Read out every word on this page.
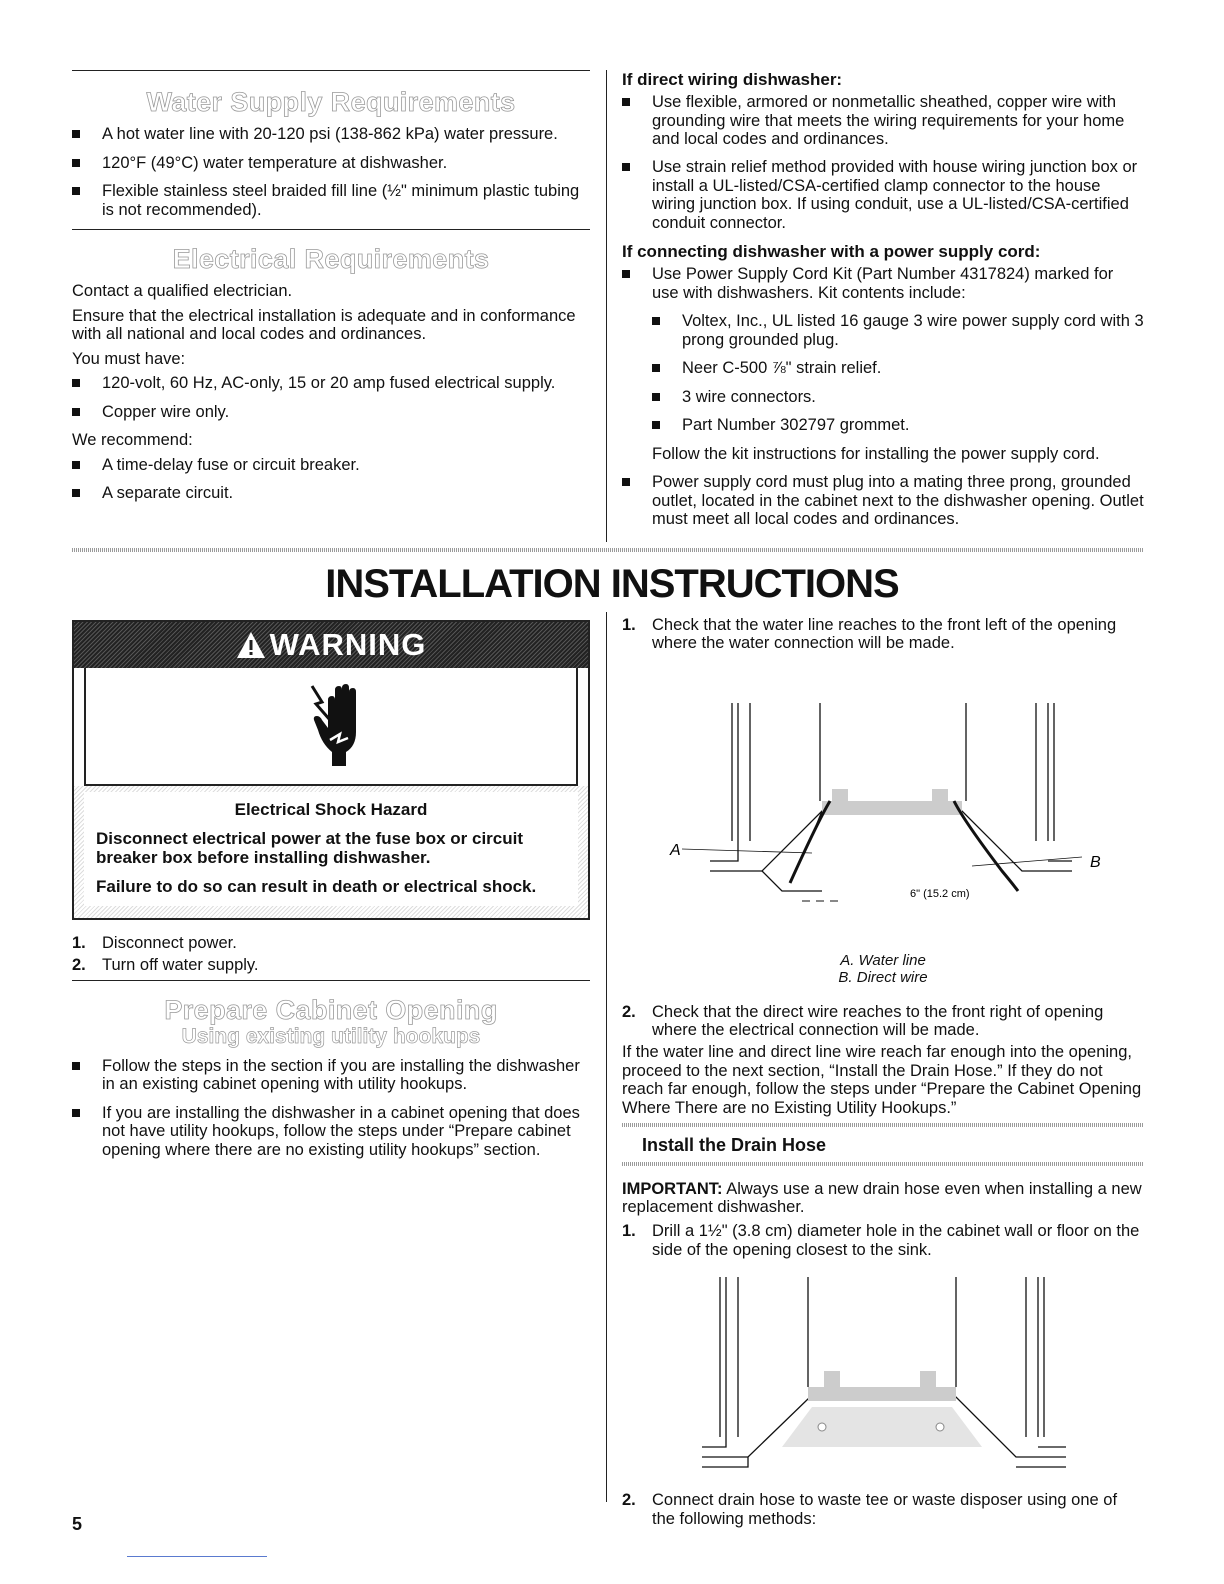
Water Supply Requirements
A hot water line with 20-120 psi (138-862 kPa) water pressure.
120°F (49°C) water temperature at dishwasher.
Flexible stainless steel braided fill line (½" minimum plastic tubing is not recommended).
Electrical Requirements

Contact a qualified electrician.

Ensure that the electrical installation is adequate and in conformance with all national and local codes and ordinances.

You must have:

120-volt, 60 Hz, AC-only, 15 or 20 amp fused electrical supply.
Copper wire only.

We recommend:

A time-delay fuse or circuit breaker.
A separate circuit.
If direct wiring dishwasher:
Use flexible, armored or nonmetallic sheathed, copper wire with grounding wire that meets the wiring requirements for your home and local codes and ordinances.
Use strain relief method provided with house wiring junction box or install a UL-listed/CSA-certified clamp connector to the house wiring junction box. If using conduit, use a UL-listed/CSA-certified conduit connector.
If connecting dishwasher with a power supply cord:
Use Power Supply Cord Kit (Part Number 4317824) marked for use with dishwashers. Kit contents include:
Voltex, Inc., UL listed 16 gauge 3 wire power supply cord with 3 prong grounded plug.
Neer C-500 ⅞" strain relief.
3 wire connectors.
Part Number 302797 grommet.
Follow the kit instructions for installing the power supply cord.
Power supply cord must plug into a mating three prong, grounded outlet, located in the cabinet next to the dishwasher opening. Outlet must meet all local codes and ordinances.
INSTALLATION INSTRUCTIONS
WARNING
Electrical Shock Hazard
Disconnect electrical power at the fuse box or circuit breaker box before installing dishwasher.
Failure to do so can result in death or electrical shock.
1. Disconnect power.
2. Turn off water supply.
Prepare Cabinet Opening
Using existing utility hookups
Follow the steps in the section if you are installing the dishwasher in an existing cabinet opening with utility hookups.
If you are installing the dishwasher in a cabinet opening that does not have utility hookups, follow the steps under “Prepare cabinet opening where there are no existing utility hookups” section.
1. Check that the water line reaches to the front left of the opening where the water connection will be made.
A
B
6" (15.2 cm)
A. Water line
B. Direct wire
2. Check that the direct wire reaches to the front right of opening where the electrical connection will be made.

If the water line and direct line wire reach far enough into the opening, proceed to the next section, “Install the Drain Hose.” If they do not reach far enough, follow the steps under “Prepare the Cabinet Opening Where There are no Existing Utility Hookups.”

Install the Drain Hose

IMPORTANT: Always use a new drain hose even when installing a new replacement dishwasher.

1. Drill a 1½" (3.8 cm) diameter hole in the cabinet wall or floor on the side of the opening closest to the sink.
2. Connect drain hose to waste tee or waste disposer using one of the following methods:
5
